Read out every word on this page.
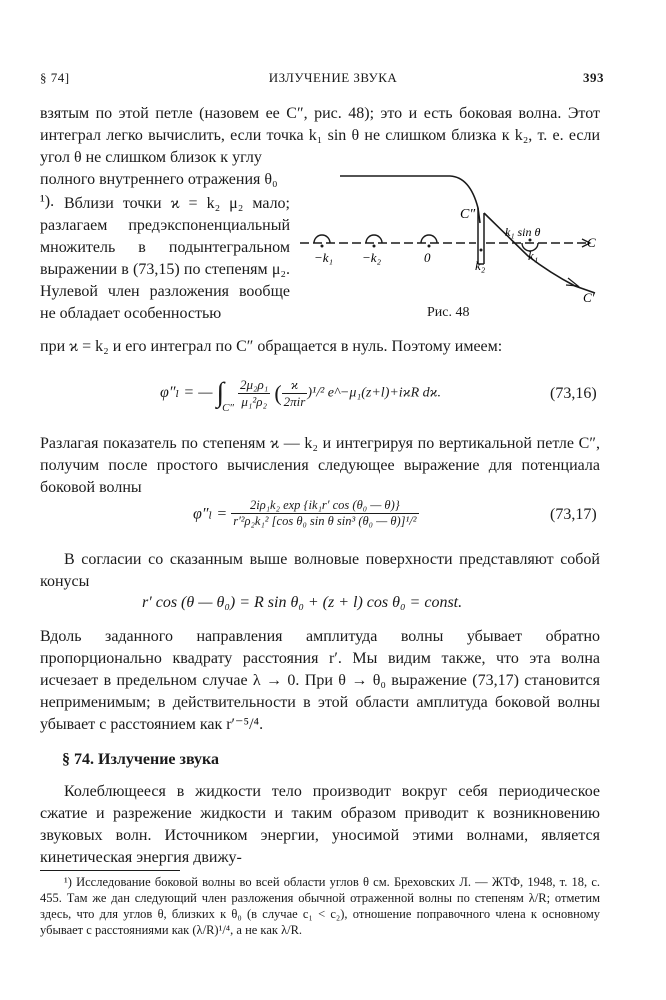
§ 74]	ИЗЛУЧЕНИЕ ЗВУКА	393
взятым по этой петле (назовем ее C″, рис. 48); это и есть боковая волна. Этот интеграл легко вычислить, если точка k₁ sin θ не слишком близка к k₂, т. е. если угол θ не слишком близок к углу
полного внутреннего отражения θ₀ ¹). Вблизи точки ϰ = k₂ μ₂ мало; разлагаем предэкспоненциальный множитель в подынтегральном выражении в (73,15) по степеням μ₂. Нулевой член разложения вообще не обладает особенностью
C″
k₁ sin θ
C
C′
−k₁ −k₂	0
k₂
k₁
Рис. 48
при ϰ = k₂ и его интеграл по C″ обращается в нуль. Поэтому имеем:
φ″ₗ = — ∫ $_{C''} \frac{\text{2μ₂ρ₁}}{\text{μ₁²ρ₂}}$ ( $\frac{ϰ}{\text{2πir}} )^1/^2$ e^−μ₁(z+l)+iϰR dϰ.	(73,16)
Разлагая показатель по степеням ϰ — k₂ и интегрируя по вертикальной петле C″, получим после простого вычисления следующее выражение для потенциала боковой волны
$\varphi''_l = \frac{\text{2iρ₁k₂ exp \{ik₁r′ cos (θ₀ — θ)\}}}{\text{r′²ρ₂k₁² [cos θ₀ sin θ sin³ (θ₀ — θ)]¹/²}}$	(73,17)
В согласии со сказанным выше волновые поверхности представляют собой конусы
r′ cos (θ — θ₀) = R sin θ₀ + (z + l) cos θ₀ = const.
Вдоль заданного направления амплитуда волны убывает обратно пропорционально квадрату расстояния r′. Мы видим также, что эта волна исчезает в предельном случае λ → 0. При θ → θ₀ выражение (73,17) становится неприменимым; в действительности в этой области амплитуда боковой волны убывает с расстоянием как r′⁻⁵/⁴.
§ 74. Излучение звука
Колеблющееся в жидкости тело производит вокруг себя периодическое сжатие и разрежение жидкости и таким образом приводит к возникновению звуковых волн. Источником энергии, уносимой этими волнами, является кинетическая энергия движу-
¹) Исследование боковой волны во всей области углов θ см. Бреховских Л. — ЖТФ, 1948, т. 18, с. 455. Там же дан следующий член разложения обычной отраженной волны по степеням λ/R; отметим здесь, что для углов θ, близких к θ₀ (в случае c₁ < c₂), отношение поправочного члена к основному убывает с расстояниями как (λ/R)¹/⁴, а не как λ/R.
